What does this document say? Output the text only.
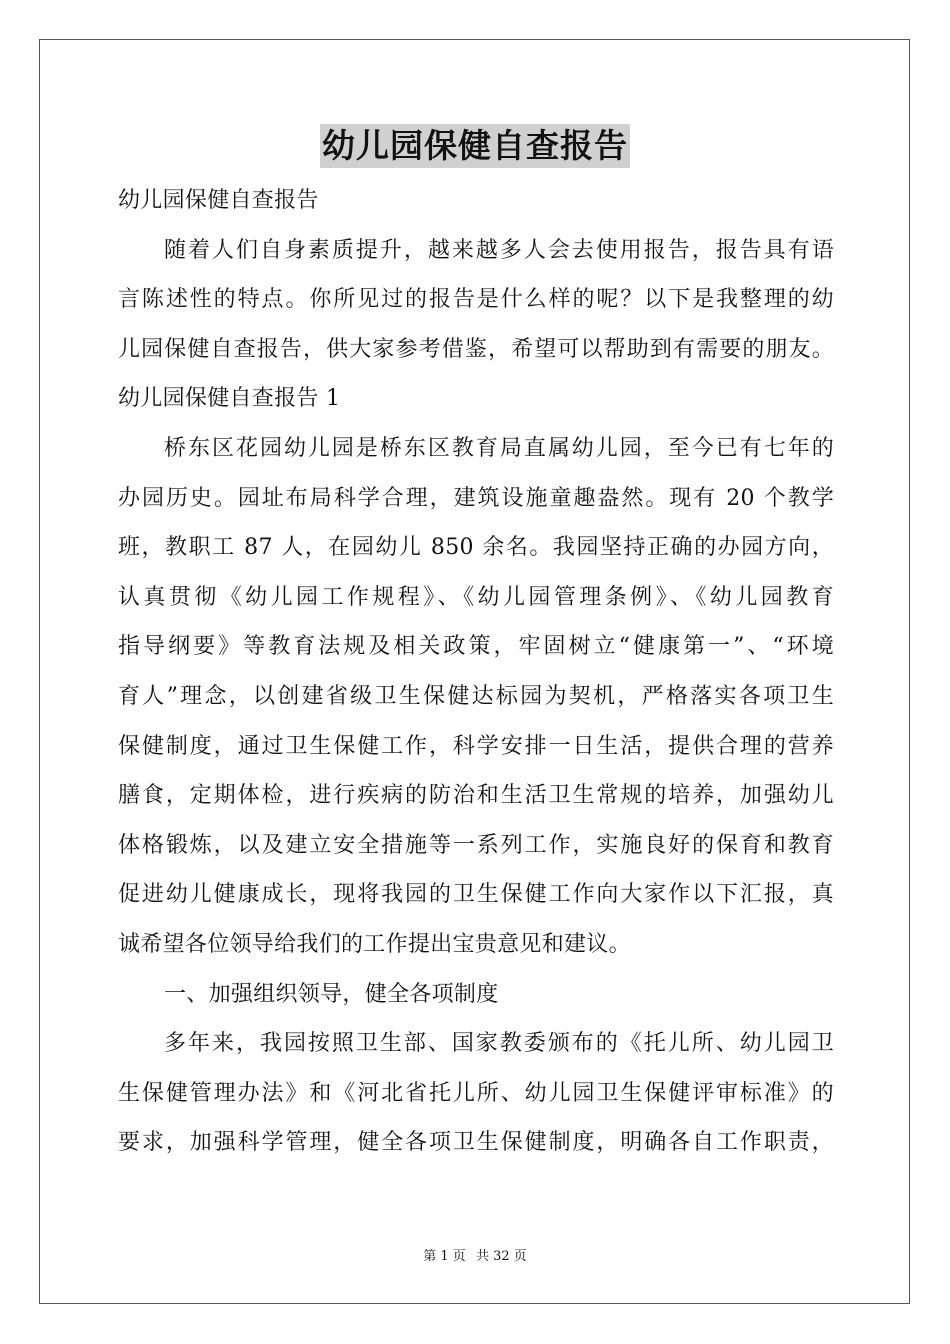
幼儿园保健自查报告
幼儿园保健自查报告
随着人们自身素质提升，越来越多人会去使用报告，报告具有语
言陈述性的特点。你所见过的报告是什么样的呢？以下是我整理的幼
儿园保健自查报告，供大家参考借鉴，希望可以帮助到有需要的朋友。
幼儿园保健自查报告 1
桥东区花园幼儿园是桥东区教育局直属幼儿园，至今已有七年的
办园历史。园址布局科学合理，建筑设施童趣盎然。现有 20 个教学
班，教职工 87 人，在园幼儿 850 余名。我园坚持正确的办园方向，
认真贯彻《幼儿园工作规程》、《幼儿园管理条例》、《幼儿园教育
指导纲要》等教育法规及相关政策，牢固树立“健康第一”、“环境
育人”理念，以创建省级卫生保健达标园为契机，严格落实各项卫生
保健制度，通过卫生保健工作，科学安排一日生活，提供合理的营养
膳食，定期体检，进行疾病的防治和生活卫生常规的培养，加强幼儿
体格锻炼，以及建立安全措施等一系列工作，实施良好的保育和教育
促进幼儿健康成长，现将我园的卫生保健工作向大家作以下汇报，真
诚希望各位领导给我们的工作提出宝贵意见和建议。
一、加强组织领导，健全各项制度
多年来，我园按照卫生部、国家教委颁布的《托儿所、幼儿园卫
生保健管理办法》和《河北省托儿所、幼儿园卫生保健评审标准》的
要求，加强科学管理，健全各项卫生保健制度，明确各自工作职责，
第 1 页 共 32 页
